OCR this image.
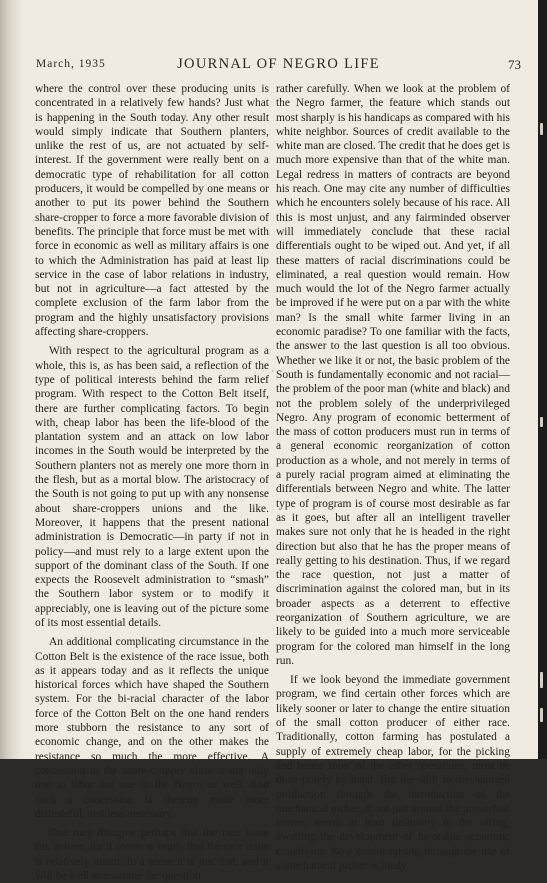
March, 1935	JOURNAL OF NEGRO LIFE	73

where the control over these producing units is concentrated in a relatively few hands? Just what is happening in the South today. Any other result would simply indicate that Southern planters, unlike the rest of us, are not actuated by self-interest. If the government were really bent on a democratic type of rehabilitation for all cotton producers, it would be compelled by one means or another to put its power behind the Southern share-cropper to force a more favorable division of benefits. The principle that force must be met with force in economic as well as military affairs is one to which the Administration has paid at least lip service in the case of labor relations in industry, but not in agriculture—a fact attested by the complete exclusion of the farm labor from the program and the highly unsatisfactory provisions affecting share-croppers.

With respect to the agricultural program as a whole, this is, as has been said, a reflection of the type of political interests behind the farm relief program. With respect to the Cotton Belt itself, there are further complicating factors. To begin with, cheap labor has been the life-blood of the plantation system and an attack on low labor incomes in the South would be interpreted by the Southern planters not as merely one more thorn in the flesh, but as a mortal blow. The aristocracy of the South is not going to put up with any nonsense about share-croppers unions and the like. Moreover, it happens that the present national administration is Democratic—in party if not in policy—and must rely to a large extent upon the support of the dominant class of the South. If one expects the Roosevelt administration to “smash” the Southern labor system or to modify it appreciably, one is leaving out of the picture some of its most essential details.

An additional complicating circumstance in the Cotton Belt is the existence of the race issue, both as it appears today and as it reflects the unique historical forces which have shaped the Southern system. For the bi-racial character of the labor force of the Cotton Belt on the one hand renders more stubborn the resistance to any sort of economic change, and on the other makes the resistance so much the more effective. A concession to the share-cropper class is not only one to labor but one to the Negro as well. And such a concession is thereby made more distasteful, and less necessary.

One may disagree perhaps that the race issue fits in here, for it seems to imply that the race issue is relatively minor. In a sense it is just that, and it will be well to examine the question

·

rather carefully. When we look at the problem of the Negro farmer, the feature which stands out most sharply is his handicaps as compared with his white neighbor. Sources of credit available to the white man are closed. The credit that he does get is much more expensive than that of the white man. Legal redress in matters of contracts are beyond his reach. One may cite any number of difficulties which he encounters solely because of his race. All this is most unjust, and any fairminded observer will immediately conclude that these racial differentials ought to be wiped out. And yet, if all these matters of racial discriminations could be eliminated, a real question would remain. How much would the lot of the Negro farmer actually be improved if he were put on a par with the white man? Is the small white farmer living in an economic paradise? To one familiar with the facts, the answer to the last question is all too obvious. Whether we like it or not, the basic problem of the South is fundamentally economic and not racial—the problem of the poor man (white and black) and not the problem solely of the underprivileged Negro. Any program of economic betterment of the mass of cotton producers must run in terms of a general economic reorganization of cotton production as a whole, and not merely in terms of a purely racial program aimed at eliminating the differentials between Negro and white. The latter type of program is of course most desirable as far as it goes, but after all an intelligent traveller makes sure not only that he is headed in the right direction but also that he has the proper means of really getting to his destination. Thus, if we regard the race question, not just a matter of discrimination against the colored man, but in its broader aspects as a deterrent to effective reorganization of Southern agriculture, we are likely to be guided into a much more serviceable program for the colored man himself in the long run.

If we look beyond the immediate government program, we find certain other forces which are likely sooner or later to change the entire situation of the small cotton producer of either race. Traditionally, cotton farming has postulated a supply of extremely cheap labor, for the picking and hence most of the other operations, must be done purely by hand. But the shift to mechanized production through the introduction of the mechanical picker, if not just around the proverbial corner, seems at least definitely in the offing, awaiting the development of favorable economic conditions. Now cotton raising through the use of a mechanical picker is likely
